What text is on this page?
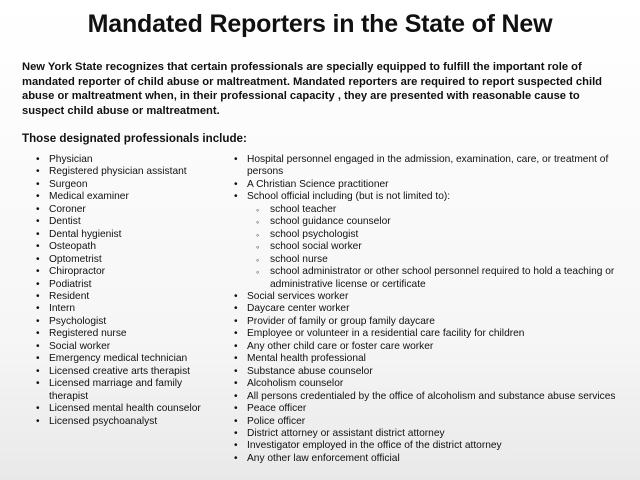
Mandated Reporters in the State of New
New York State recognizes that certain professionals are specially equipped to fulfill the important role of mandated reporter of child abuse or maltreatment. Mandated reporters are required to report suspected child abuse or maltreatment when, in their professional capacity , they are presented with reasonable cause to suspect child abuse or maltreatment.
Those designated professionals include:
• Physician
• Registered physician assistant
• Surgeon
• Medical examiner
• Coroner
• Dentist
• Dental hygienist
• Osteopath
• Optometrist
• Chiropractor
• Podiatrist
• Resident
• Intern
• Psychologist
• Registered nurse
• Social worker
• Emergency medical technician
• Licensed creative arts therapist
• Licensed marriage and family therapist
• Licensed mental health counselor
• Licensed psychoanalyst
• Hospital personnel engaged in the admission, examination, care, or treatment of persons
• A Christian Science practitioner
• School official including (but is not limited to):
◦ school teacher
◦ school guidance counselor
◦ school psychologist
◦ school social worker
◦ school nurse
◦ school administrator or other school personnel required to hold a teaching or administrative license or certificate
• Social services worker
• Daycare center worker
• Provider of family or group family daycare
• Employee or volunteer in a residential care facility for children
• Any other child care or foster care worker
• Mental health professional
• Substance abuse counselor
• Alcoholism counselor
• All persons credentialed by the office of alcoholism and substance abuse services
• Peace officer
• Police officer
• District attorney or assistant district attorney
• Investigator employed in the office of the district attorney
• Any other law enforcement official
